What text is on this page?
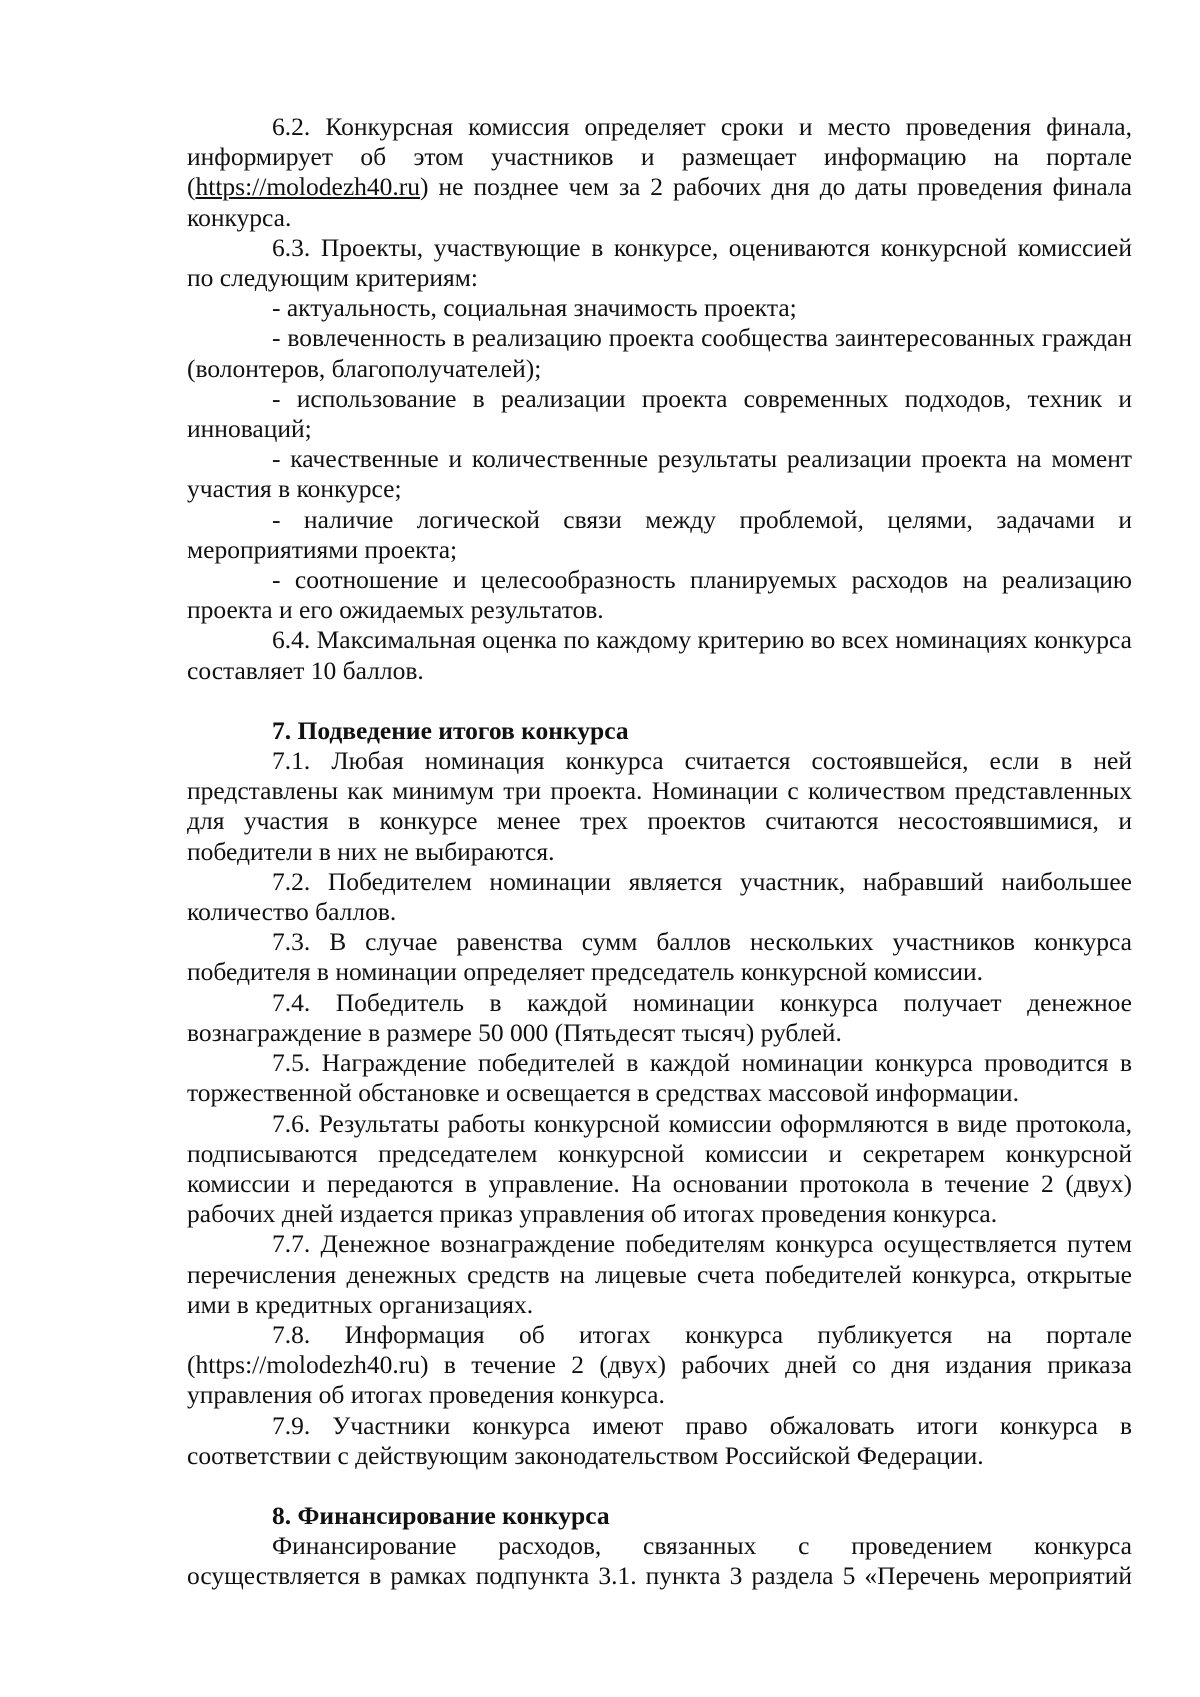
6.2. Конкурсная комиссия определяет сроки и место проведения финала, информирует об этом участников и размещает информацию на портале (https://molodezh40.ru) не позднее чем за 2 рабочих дня до даты проведения финала конкурса.

6.3. Проекты, участвующие в конкурсе, оцениваются конкурсной комиссией по следующим критериям:

- актуальность, социальная значимость проекта;

- вовлеченность в реализацию проекта сообщества заинтересованных граждан (волонтеров, благополучателей);

- использование в реализации проекта современных подходов, техник и инноваций;

- качественные и количественные результаты реализации проекта на момент участия в конкурсе;

- наличие логической связи между проблемой, целями, задачами и мероприятиями проекта;

- соотношение и целесообразность планируемых расходов на реализацию проекта и его ожидаемых результатов.

6.4. Максимальная оценка по каждому критерию во всех номинациях конкурса составляет 10 баллов.

7. Подведение итогов конкурса

7.1. Любая номинация конкурса считается состоявшейся, если в ней представлены как минимум три проекта. Номинации с количеством представленных для участия в конкурсе менее трех проектов считаются несостоявшимися, и победители в них не выбираются.

7.2. Победителем номинации является участник, набравший наибольшее количество баллов.

7.3. В случае равенства сумм баллов нескольких участников конкурса победителя в номинации определяет председатель конкурсной комиссии.

7.4. Победитель в каждой номинации конкурса получает денежное вознаграждение в размере 50 000 (Пятьдесят тысяч) рублей.

7.5. Награждение победителей в каждой номинации конкурса проводится в торжественной обстановке и освещается в средствах массовой информации.

7.6. Результаты работы конкурсной комиссии оформляются в виде протокола, подписываются председателем конкурсной комиссии и секретарем конкурсной комиссии и передаются в управление. На основании протокола в течение 2 (двух) рабочих дней издается приказ управления об итогах проведения конкурса.

7.7. Денежное вознаграждение победителям конкурса осуществляется путем перечисления денежных средств на лицевые счета победителей конкурса, открытые ими в кредитных организациях.

7.8. Информация об итогах конкурса публикуется на портале (https://molodezh40.ru) в течение 2 (двух) рабочих дней со дня издания приказа управления об итогах проведения конкурса.

7.9. Участники конкурса имеют право обжаловать итоги конкурса в соответствии с действующим законодательством Российской Федерации.

8. Финансирование конкурса

Финансирование расходов, связанных с проведением конкурса осуществляется в рамках подпункта 3.1. пункта 3 раздела 5 «Перечень мероприятий
